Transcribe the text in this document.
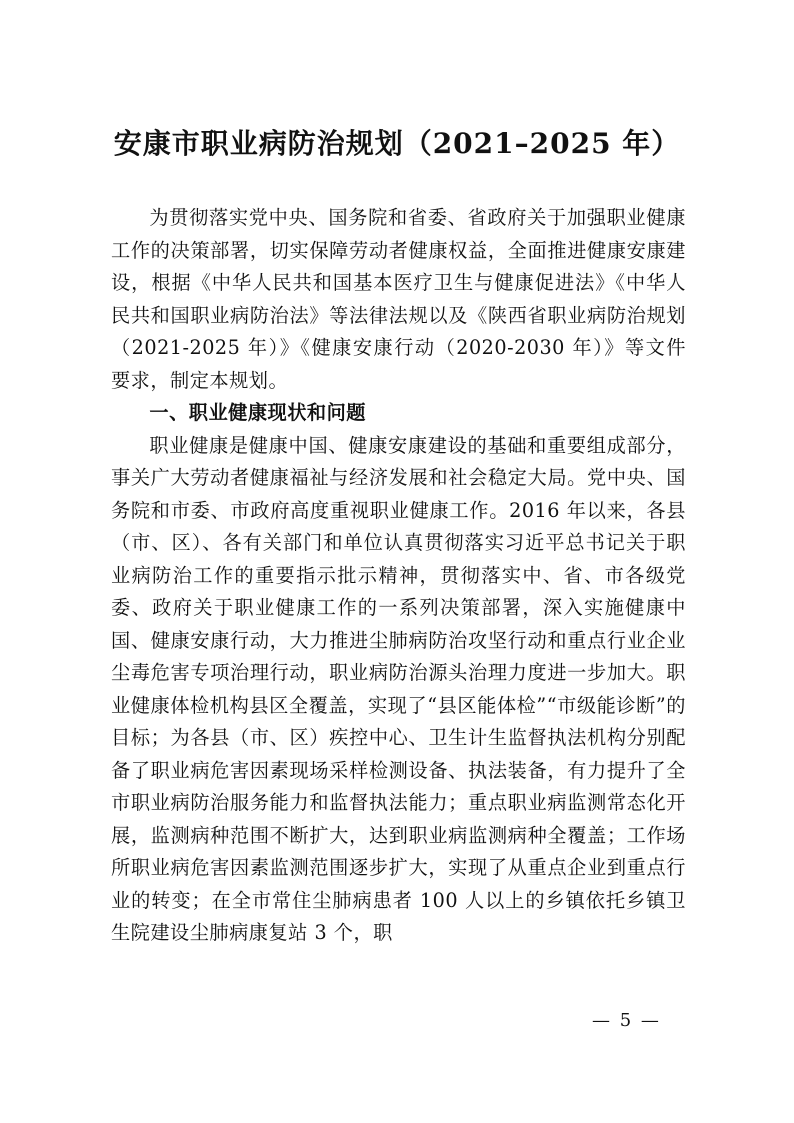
安康市职业病防治规划（2021–2025 年）

为贯彻落实党中央、国务院和省委、省政府关于加强职业健康工作的决策部署，切实保障劳动者健康权益，全面推进健康安康建设，根据《中华人民共和国基本医疗卫生与健康促进法》《中华人民共和国职业病防治法》等法律法规以及《陕西省职业病防治规划（2021-2025 年）》《健康安康行动（2020-2030 年）》等文件要求，制定本规划。

一、职业健康现状和问题

职业健康是健康中国、健康安康建设的基础和重要组成部分，事关广大劳动者健康福祉与经济发展和社会稳定大局。党中央、国务院和市委、市政府高度重视职业健康工作。2016 年以来，各县（市、区）、各有关部门和单位认真贯彻落实习近平总书记关于职业病防治工作的重要指示批示精神，贯彻落实中、省、市各级党委、政府关于职业健康工作的一系列决策部署，深入实施健康中国、健康安康行动，大力推进尘肺病防治攻坚行动和重点行业企业尘毒危害专项治理行动，职业病防治源头治理力度进一步加大。职业健康体检机构县区全覆盖，实现了“县区能体检”“市级能诊断”的目标；为各县（市、区）疾控中心、卫生计生监督执法机构分别配备了职业病危害因素现场采样检测设备、执法装备，有力提升了全市职业病防治服务能力和监督执法能力；重点职业病监测常态化开展，监测病种范围不断扩大，达到职业病监测病种全覆盖；工作场所职业病危害因素监测范围逐步扩大，实现了从重点企业到重点行业的转变；在全市常住尘肺病患者 100 人以上的乡镇依托乡镇卫生院建设尘肺病康复站 3 个，职

— 5 —
